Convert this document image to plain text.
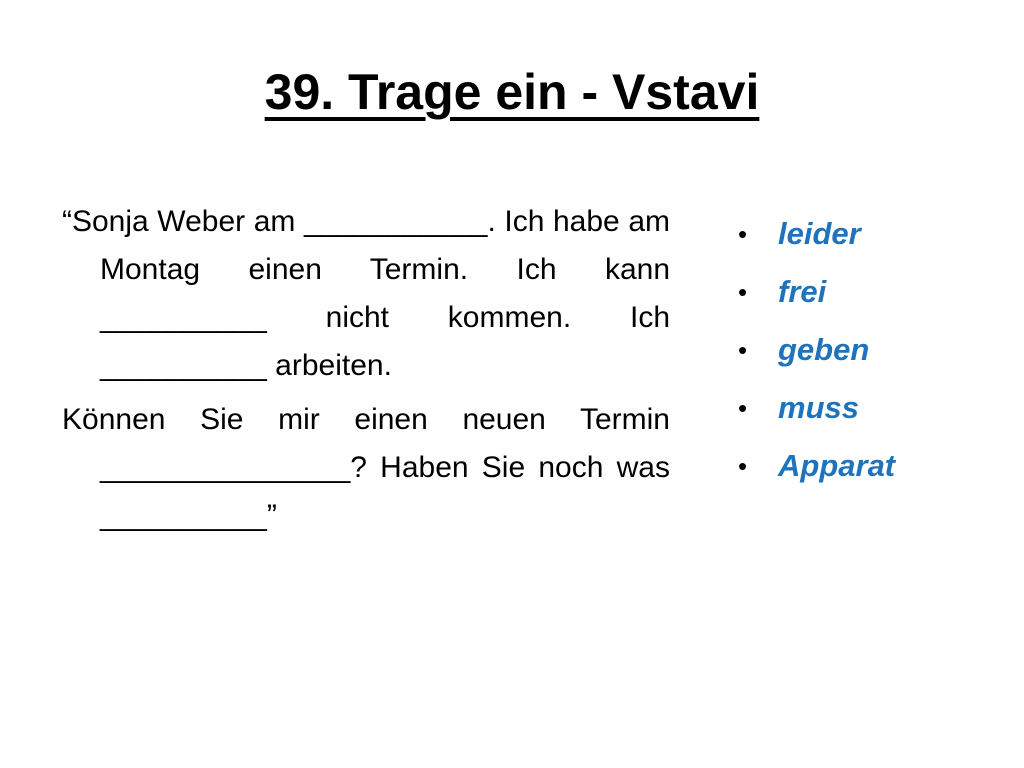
39. Trage ein - Vstavi

“Sonja Weber am ___________. Ich habe am Montag einen Termin. Ich kann __________ nicht kommen. Ich __________ arbeiten.

Können Sie mir einen neuen Termin _______________? Haben Sie noch was __________”

• leider
• frei
• geben
• muss
• Apparat
